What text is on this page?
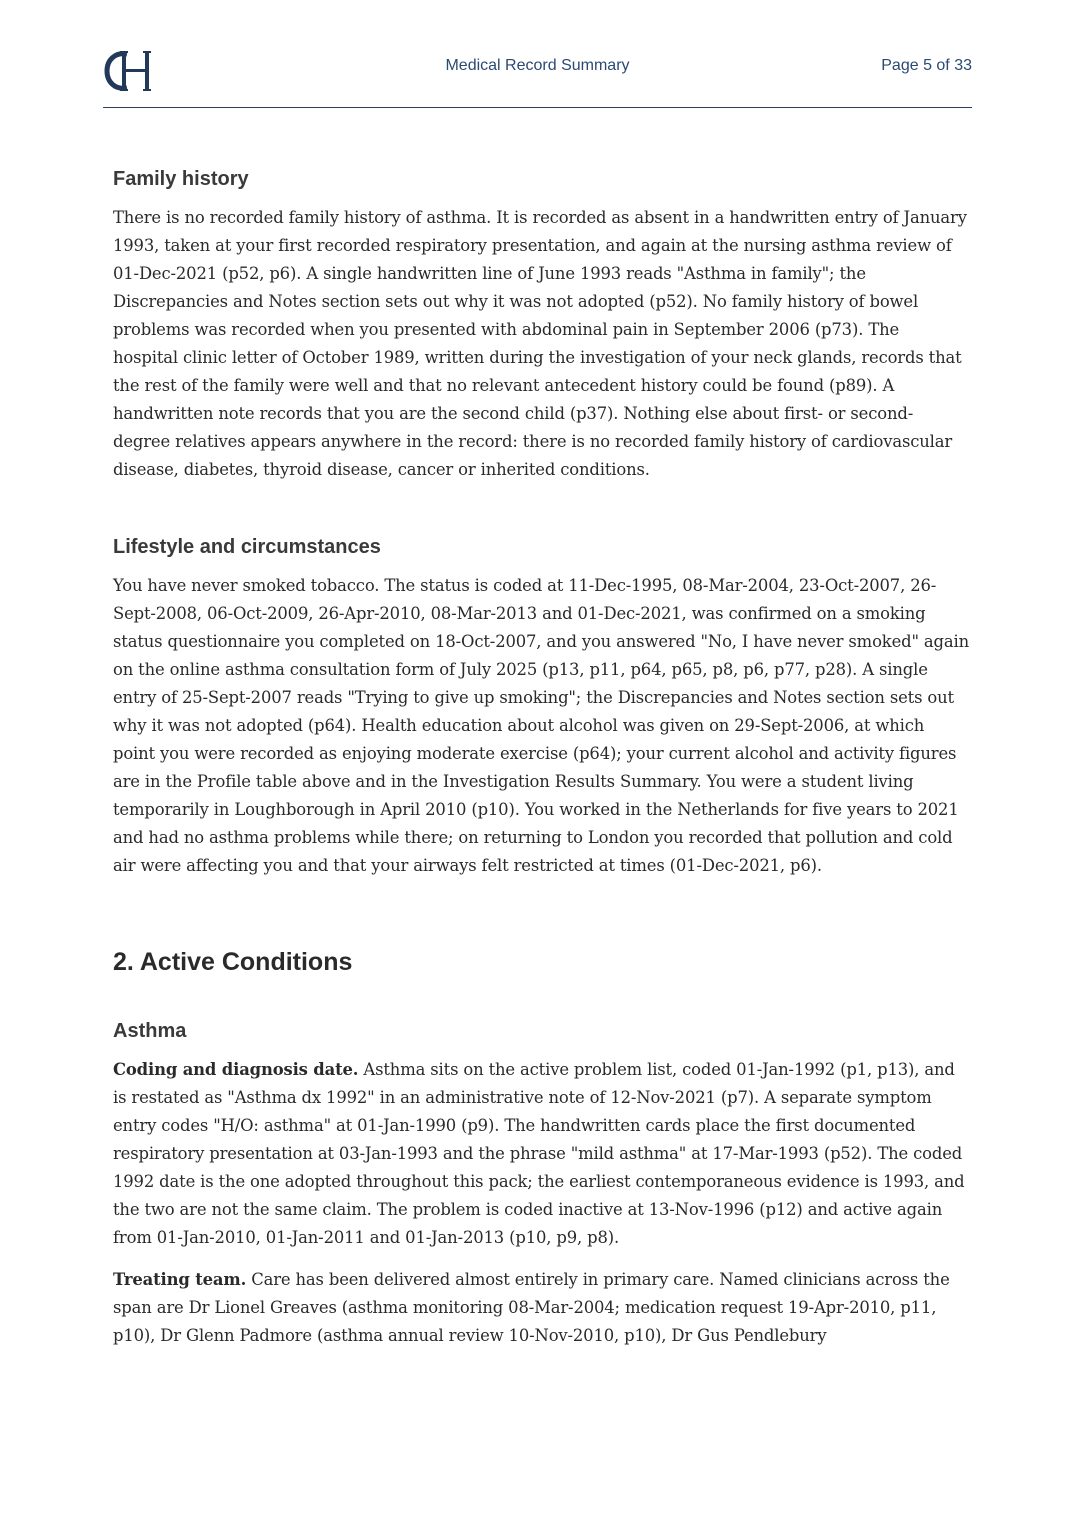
Medical Record Summary	Page 5 of 33
Family history

There is no recorded family history of asthma. It is recorded as absent in a handwritten entry of January 1993, taken at your first recorded respiratory presentation, and again at the nursing asthma review of 01-Dec-2021 (p52, p6). A single handwritten line of June 1993 reads "Asthma in family"; the Discrepancies and Notes section sets out why it was not adopted (p52). No family history of bowel problems was recorded when you presented with abdominal pain in September 2006 (p73). The hospital clinic letter of October 1989, written during the investigation of your neck glands, records that the rest of the family were well and that no relevant antecedent history could be found (p89). A handwritten note records that you are the second child (p37). Nothing else about first- or second-degree relatives appears anywhere in the record: there is no recorded family history of cardiovascular disease, diabetes, thyroid disease, cancer or inherited conditions.

Lifestyle and circumstances

You have never smoked tobacco. The status is coded at 11-Dec-1995, 08-Mar-2004, 23-Oct-2007, 26-Sept-2008, 06-Oct-2009, 26-Apr-2010, 08-Mar-2013 and 01-Dec-2021, was confirmed on a smoking status questionnaire you completed on 18-Oct-2007, and you answered "No, I have never smoked" again on the online asthma consultation form of July 2025 (p13, p11, p64, p65, p8, p6, p77, p28). A single entry of 25-Sept-2007 reads "Trying to give up smoking"; the Discrepancies and Notes section sets out why it was not adopted (p64). Health education about alcohol was given on 29-Sept-2006, at which point you were recorded as enjoying moderate exercise (p64); your current alcohol and activity figures are in the Profile table above and in the Investigation Results Summary. You were a student living temporarily in Loughborough in April 2010 (p10). You worked in the Netherlands for five years to 2021 and had no asthma problems while there; on returning to London you recorded that pollution and cold air were affecting you and that your airways felt restricted at times (01-Dec-2021, p6).

2. Active Conditions
Asthma

Coding and diagnosis date. Asthma sits on the active problem list, coded 01-Jan-1992 (p1, p13), and is restated as "Asthma dx 1992" in an administrative note of 12-Nov-2021 (p7). A separate symptom entry codes "H/O: asthma" at 01-Jan-1990 (p9). The handwritten cards place the first documented respiratory presentation at 03-Jan-1993 and the phrase "mild asthma" at 17-Mar-1993 (p52). The coded 1992 date is the one adopted throughout this pack; the earliest contemporaneous evidence is 1993, and the two are not the same claim. The problem is coded inactive at 13-Nov-1996 (p12) and active again from 01-Jan-2010, 01-Jan-2011 and 01-Jan-2013 (p10, p9, p8).

Treating team. Care has been delivered almost entirely in primary care. Named clinicians across the span are Dr Lionel Greaves (asthma monitoring 08-Mar-2004; medication request 19-Apr-2010, p11, p10), Dr Glenn Padmore (asthma annual review 10-Nov-2010, p10), Dr Gus Pendlebury
